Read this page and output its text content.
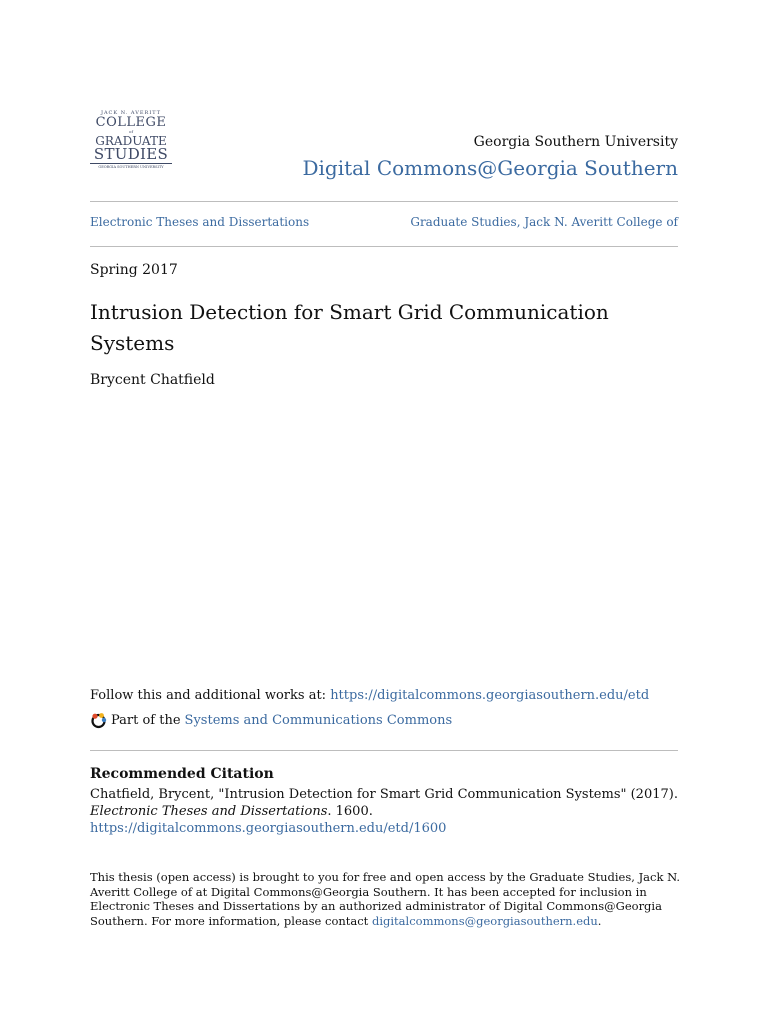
JACK N. AVERITT
COLLEGE
of
GRADUATE
STUDIES
GEORGIA SOUTHERN UNIVERSITY
Georgia Southern University
Digital Commons@Georgia Southern
Electronic Theses and Dissertations	Graduate Studies, Jack N. Averitt College of
Spring 2017
Intrusion Detection for Smart Grid Communication Systems
Brycent Chatfield
Follow this and additional works at: https://digitalcommons.georgiasouthern.edu/etd
Part of the Systems and Communications Commons
Recommended Citation
Chatfield, Brycent, "Intrusion Detection for Smart Grid Communication Systems" (2017).
Electronic Theses and Dissertations. 1600.
https://digitalcommons.georgiasouthern.edu/etd/1600
This thesis (open access) is brought to you for free and open access by the Graduate Studies, Jack N. Averitt College of at Digital Commons@Georgia Southern. It has been accepted for inclusion in Electronic Theses and Dissertations by an authorized administrator of Digital Commons@Georgia Southern. For more information, please contact digitalcommons@georgiasouthern.edu.
